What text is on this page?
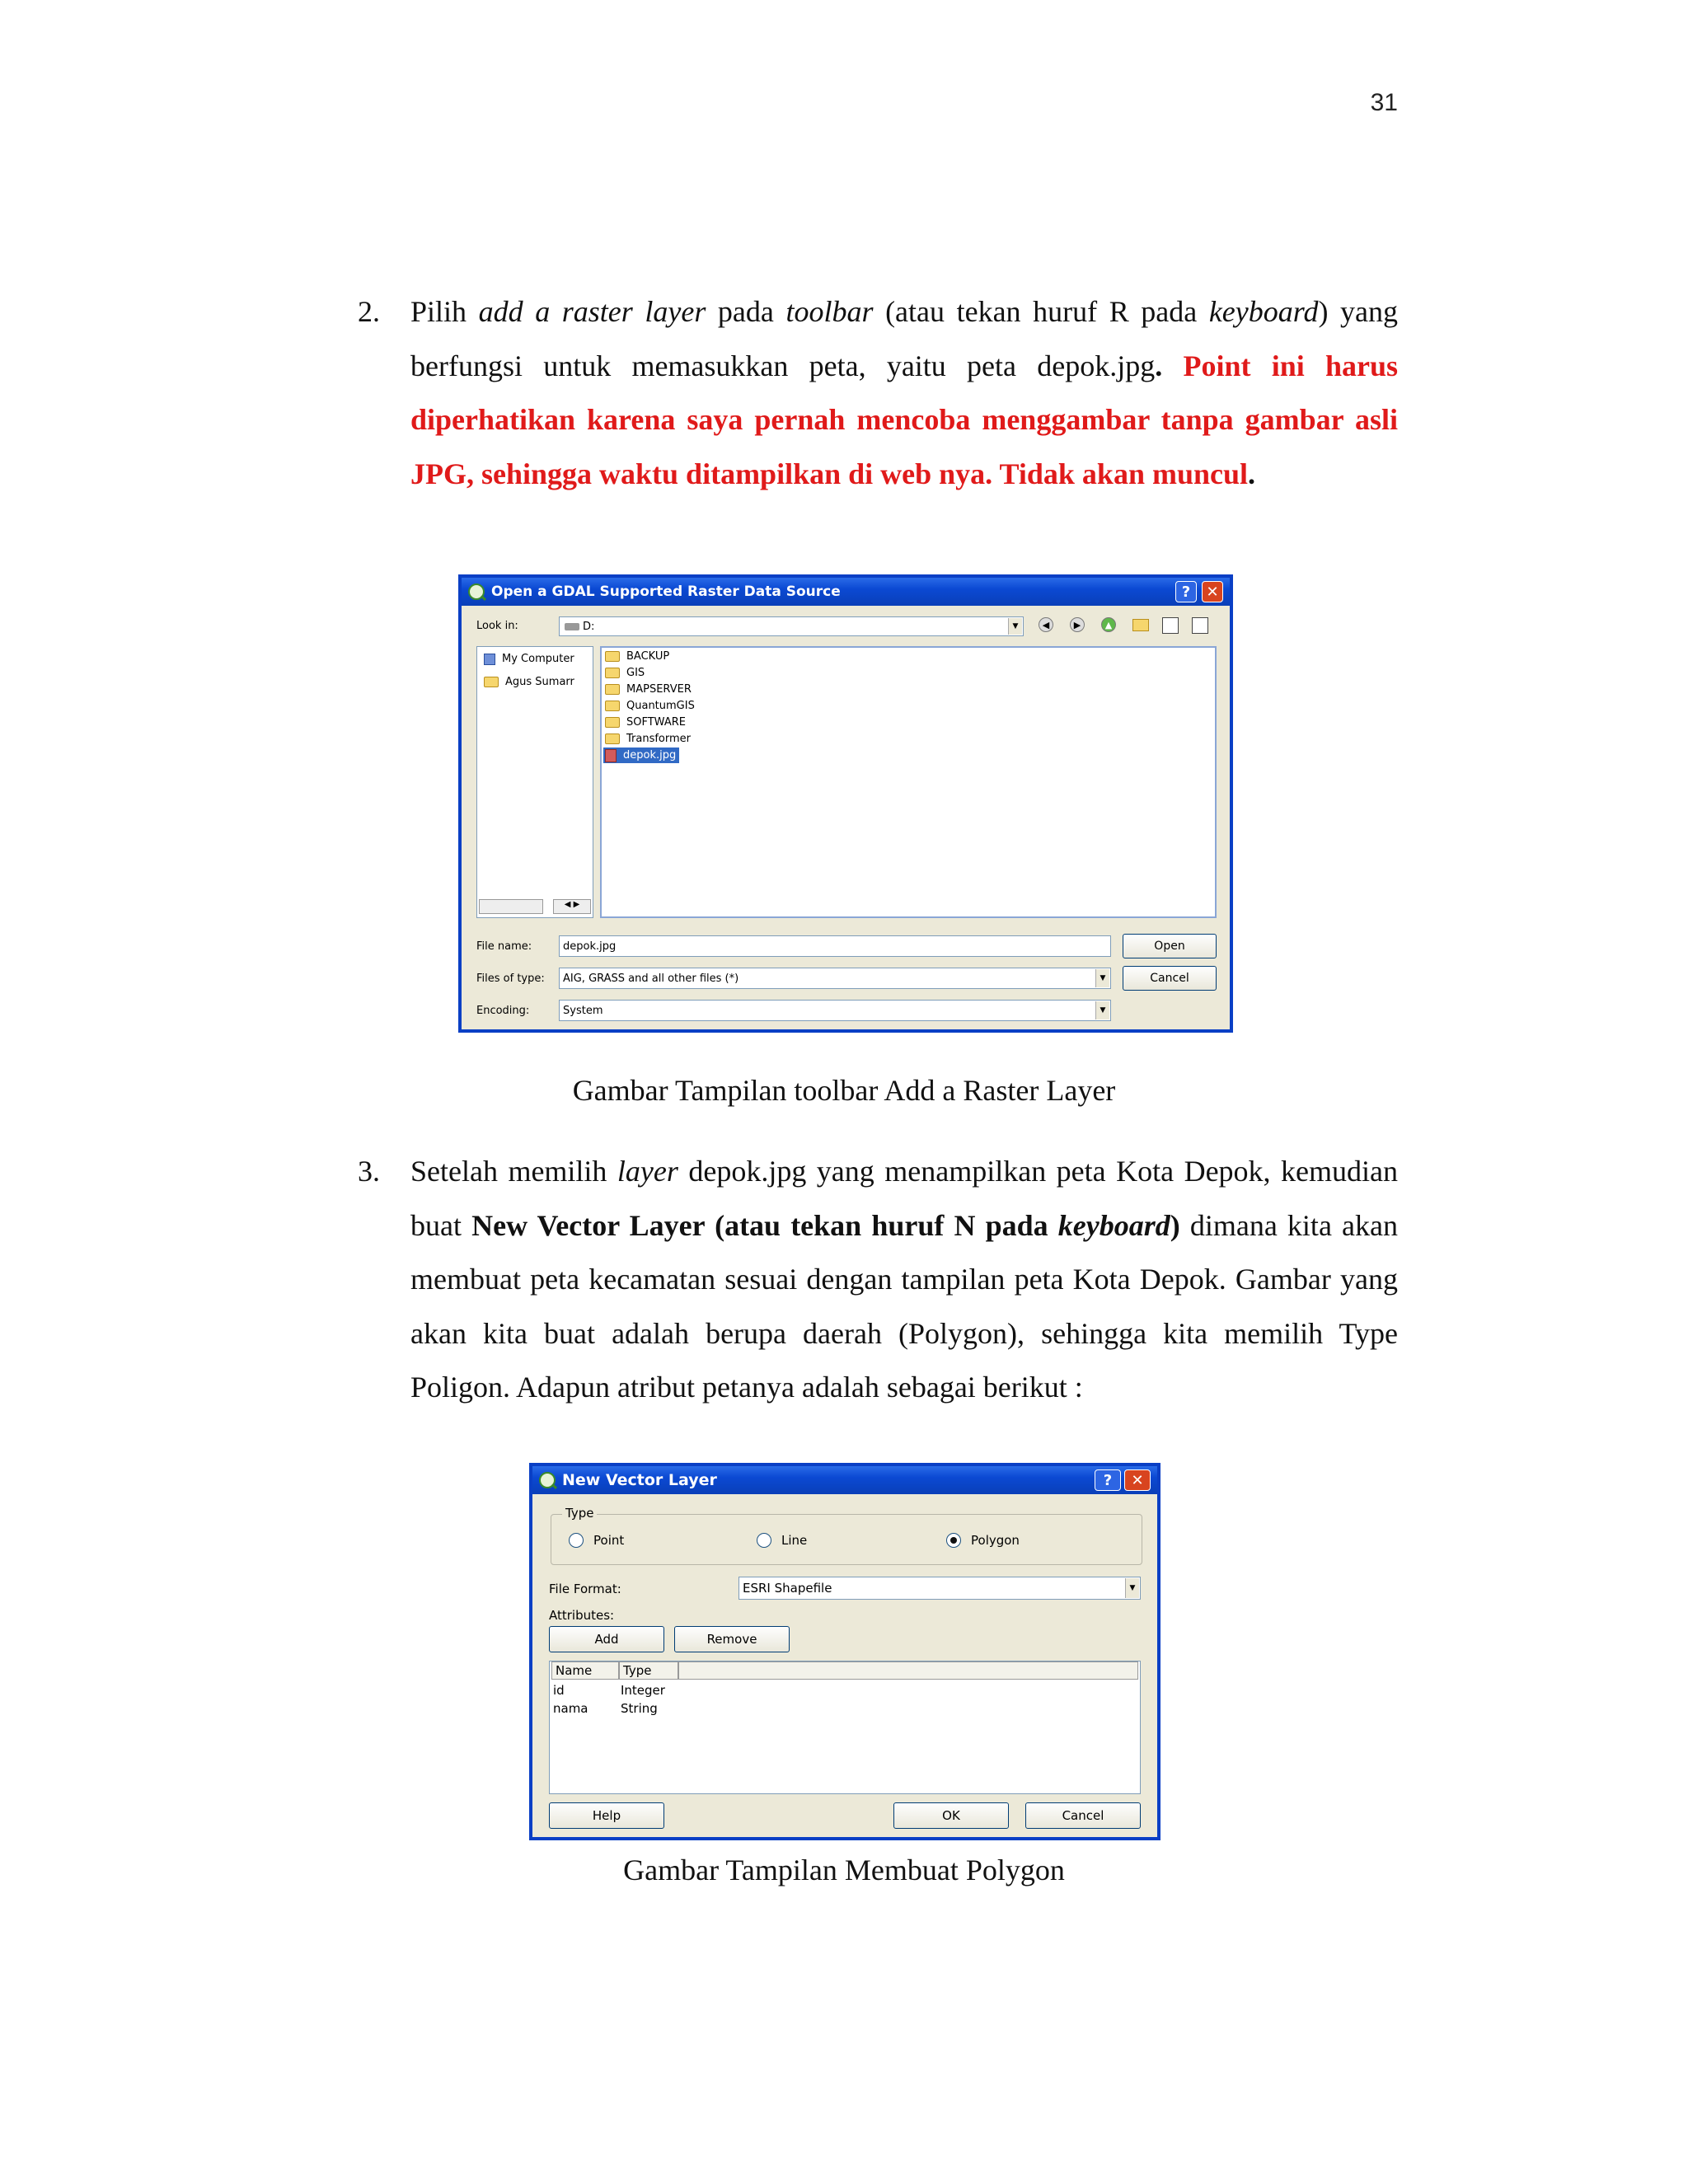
31
2. Pilih add a raster layer pada toolbar (atau tekan huruf R pada keyboard) yang berfungsi untuk memasukkan peta, yaitu peta depok.jpg. Point ini harus diperhatikan karena saya pernah mencoba menggambar tanpa gambar asli JPG, sehingga waktu ditampilkan di web nya. Tidak akan muncul.
Open a GDAL Supported Raster Data Source	?	✕
Look in:	D:	▼	◀	▶	▲
My Computer
Agus Sumarr
◀ ▶
BACKUP
GIS
MAPSERVER
QuantumGIS
SOFTWARE
Transformer
depok.jpg
File name:	depok.jpg	Open
Files of type: AIG, GRASS and all other files (*)	▼	Cancel
Encoding:	System	▼
Gambar Tampilan toolbar Add a Raster Layer
3. Setelah memilih layer depok.jpg yang menampilkan peta Kota Depok, kemudian buat New Vector Layer (atau tekan huruf N pada keyboard) dimana kita akan membuat peta kecamatan sesuai dengan tampilan peta Kota Depok. Gambar yang akan kita buat adalah berupa daerah (Polygon), sehingga kita memilih Type Poligon. Adapun atribut petanya adalah sebagai berikut :
New Vector Layer	?	✕
Type
Point	Line	Polygon
File Format:	ESRI Shapefile	▼
Attributes:
Add	Remove
Name	Type
id	Integer
nama	String
Help	OK	Cancel
Gambar Tampilan Membuat Polygon
